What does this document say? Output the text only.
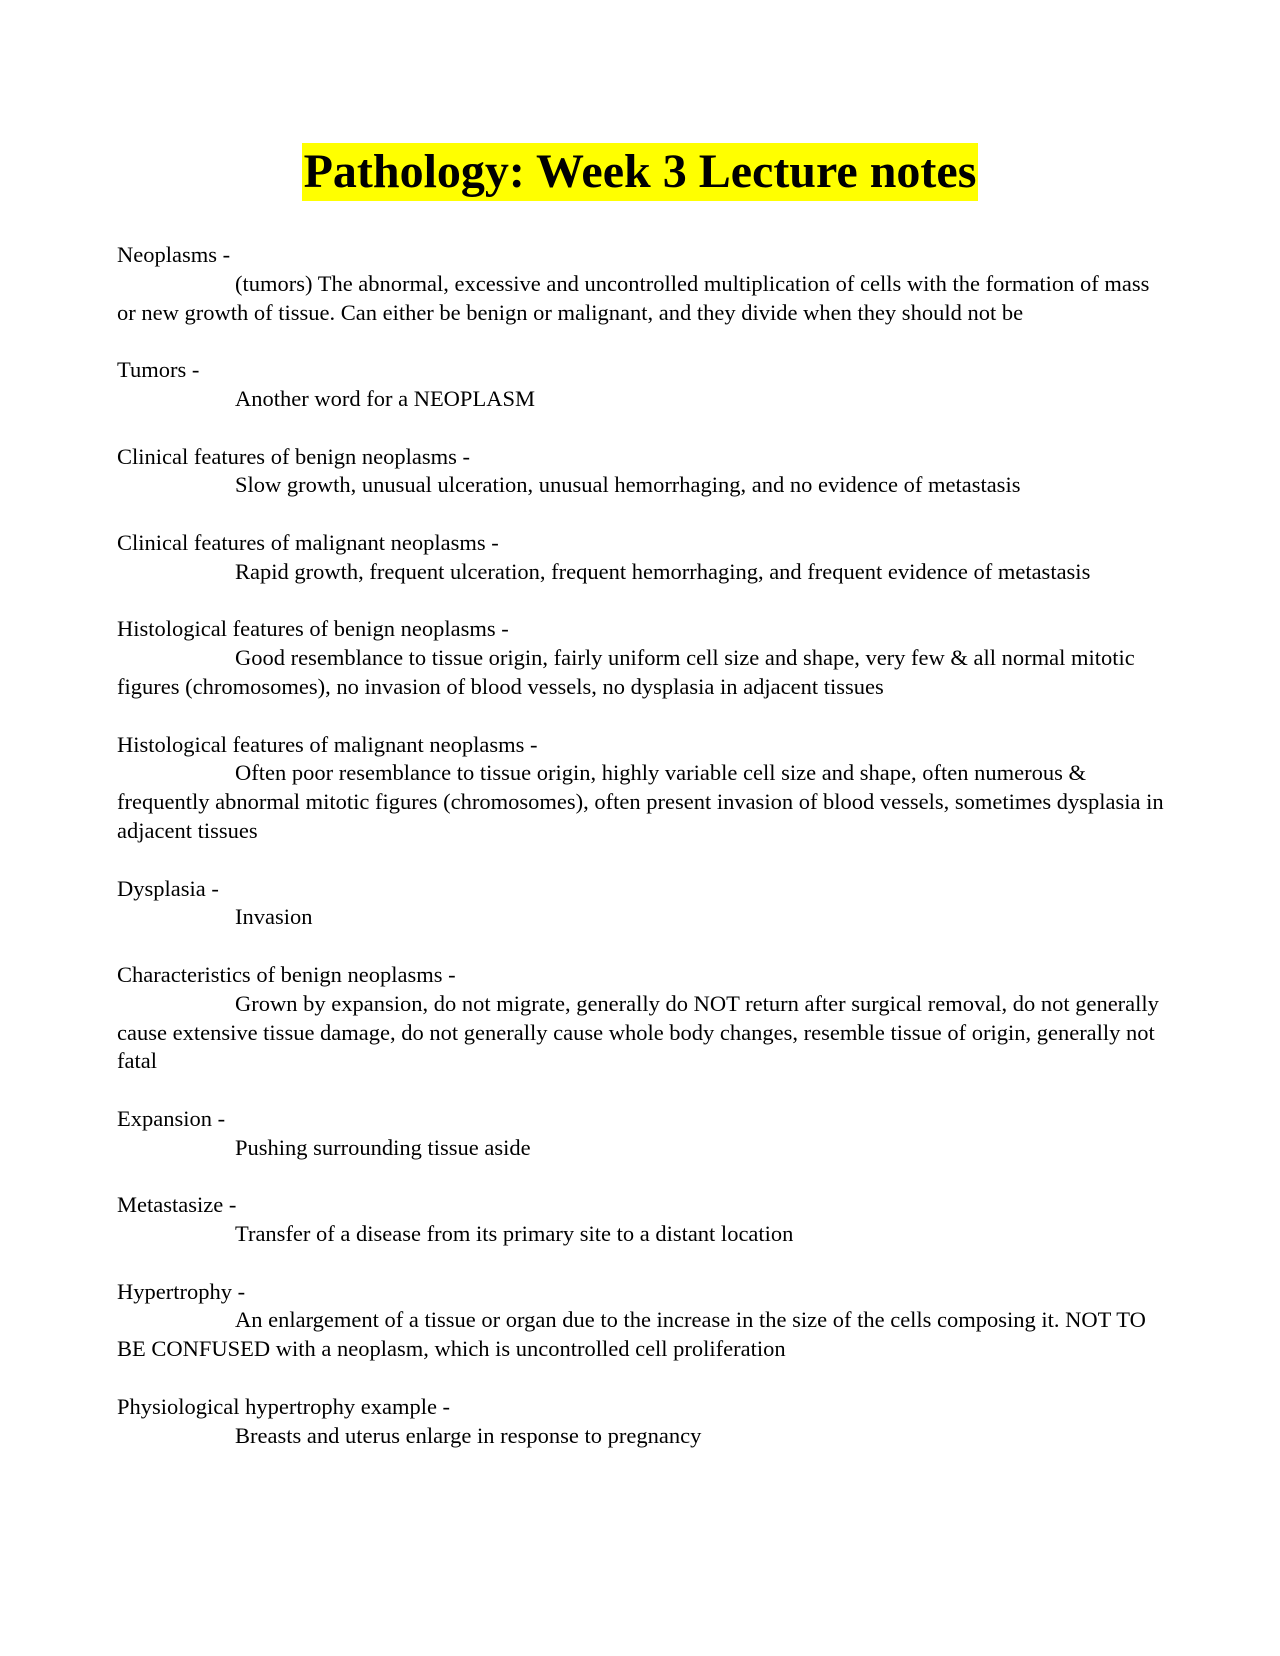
Pathology: Week 3 Lecture notes
Neoplasms -
(tumors) The abnormal, excessive and uncontrolled multiplication of cells with the formation of mass or new growth of tissue. Can either be benign or malignant, and they divide when they should not be
Tumors -
Another word for a NEOPLASM
Clinical features of benign neoplasms -
Slow growth, unusual ulceration, unusual hemorrhaging, and no evidence of metastasis
Clinical features of malignant neoplasms -
Rapid growth, frequent ulceration, frequent hemorrhaging, and frequent evidence of metastasis
Histological features of benign neoplasms -
Good resemblance to tissue origin, fairly uniform cell size and shape, very few & all normal mitotic figures (chromosomes), no invasion of blood vessels, no dysplasia in adjacent tissues
Histological features of malignant neoplasms -
Often poor resemblance to tissue origin, highly variable cell size and shape, often numerous & frequently abnormal mitotic figures (chromosomes), often present invasion of blood vessels, sometimes dysplasia in adjacent tissues
Dysplasia -
Invasion
Characteristics of benign neoplasms -
Grown by expansion, do not migrate, generally do NOT return after surgical removal, do not generally cause extensive tissue damage, do not generally cause whole body changes, resemble tissue of origin, generally not fatal
Expansion -
Pushing surrounding tissue aside
Metastasize -
Transfer of a disease from its primary site to a distant location
Hypertrophy -
An enlargement of a tissue or organ due to the increase in the size of the cells composing it. NOT TO BE CONFUSED with a neoplasm, which is uncontrolled cell proliferation
Physiological hypertrophy example -
Breasts and uterus enlarge in response to pregnancy
